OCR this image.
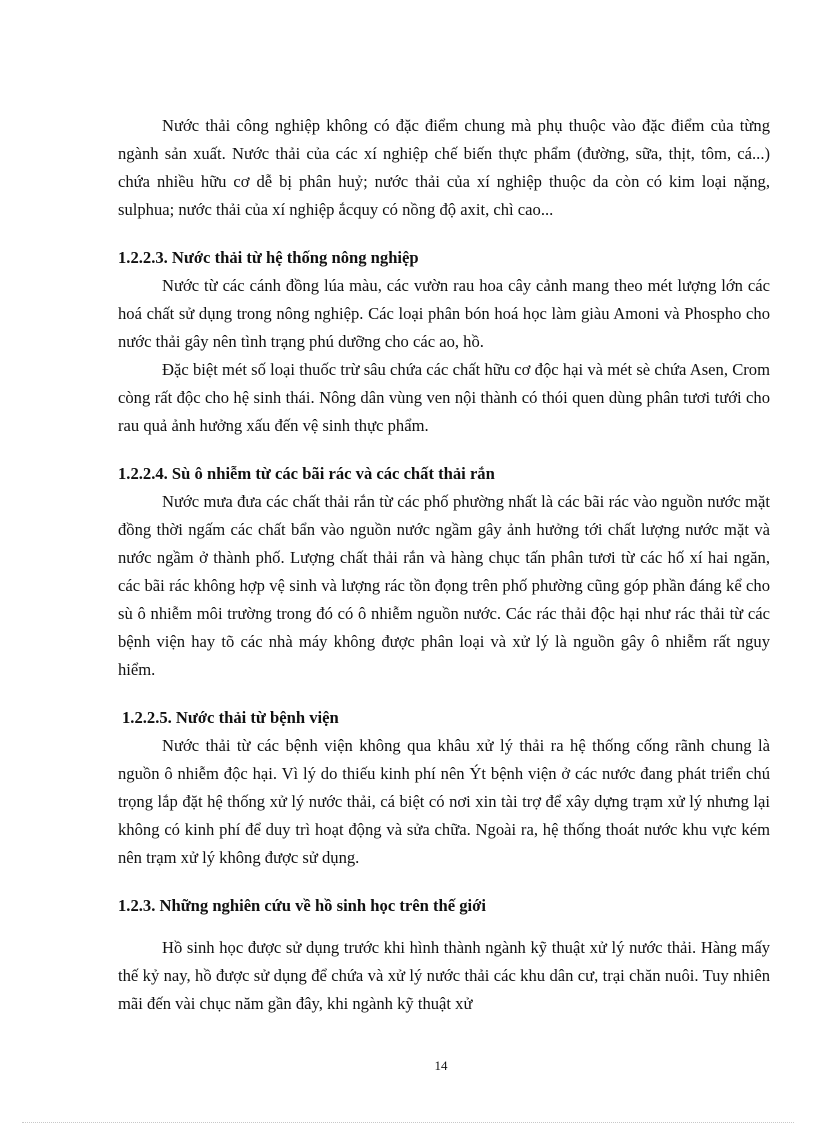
Nước thải công nghiệp không có đặc điểm chung mà phụ thuộc vào đặc điểm của từng ngành sản xuất. Nước thải của các xí nghiệp chế biến thực phẩm (đường, sữa, thịt, tôm, cá...) chứa nhiều hữu cơ dễ bị phân huỷ; nước thải của xí nghiệp thuộc da còn có kim loại nặng, sulphua; nước thải của xí nghiệp ắcquy có nồng độ axit, chì cao...

1.2.2.3. Nước thải từ hệ thống nông nghiệp

Nước từ các cánh đồng lúa màu, các vườn rau hoa cây cảnh mang theo mét lượng lớn các hoá chất sử dụng trong nông nghiệp. Các loại phân bón hoá học làm giàu Amoni và Phospho cho nước thải gây nên tình trạng phú dưỡng cho các ao, hồ.

Đặc biệt mét số loại thuốc trừ sâu chứa các chất hữu cơ độc hại và mét sè chứa Asen, Crom còng rất độc cho hệ sinh thái. Nông dân vùng ven nội thành có thói quen dùng phân tươi tưới cho rau quả ảnh hưởng xấu đến vệ sinh thực phẩm.

1.2.2.4. Sù ô nhiễm từ các bãi rác và các chất thải rắn

Nước mưa đưa các chất thải rắn từ các phố phường nhất là các bãi rác vào nguồn nước mặt đồng thời ngấm các chất bẩn vào nguồn nước ngầm gây ảnh hưởng tới chất lượng nước mặt và nước ngầm ở thành phố. Lượng chất thải rắn và hàng chục tấn phân tươi từ các hố xí hai ngăn, các bãi rác không hợp vệ sinh và lượng rác tồn đọng trên phố phường cũng góp phần đáng kể cho sù ô nhiễm môi trường trong đó có ô nhiễm nguồn nước. Các rác thải độc hại như rác thải từ các bệnh viện hay tõ các nhà máy không được phân loại và xử lý là nguồn gây ô nhiễm rất nguy hiểm.

1.2.2.5. Nước thải từ bệnh viện

Nước thải từ các bệnh viện không qua khâu xử lý thải ra hệ thống cống rãnh chung là nguồn ô nhiễm độc hại. Vì lý do thiếu kinh phí nên Ýt bệnh viện ở các nước đang phát triển chú trọng lắp đặt hệ thống xử lý nước thải, cá biệt có nơi xin tài trợ để xây dựng trạm xử lý nhưng lại không có kinh phí để duy trì hoạt động và sửa chữa. Ngoài ra, hệ thống thoát nước khu vực kém nên trạm xử lý không được sử dụng.

1.2.3. Những nghiên cứu về hồ sinh học trên thế giới

Hồ sinh học được sử dụng trước khi hình thành ngành kỹ thuật xử lý nước thải. Hàng mấy thế kỷ nay, hồ được sử dụng để chứa và xử lý nước thải các khu dân cư, trại chăn nuôi. Tuy nhiên mãi đến vài chục năm gần đây, khi ngành kỹ thuật xử

14
